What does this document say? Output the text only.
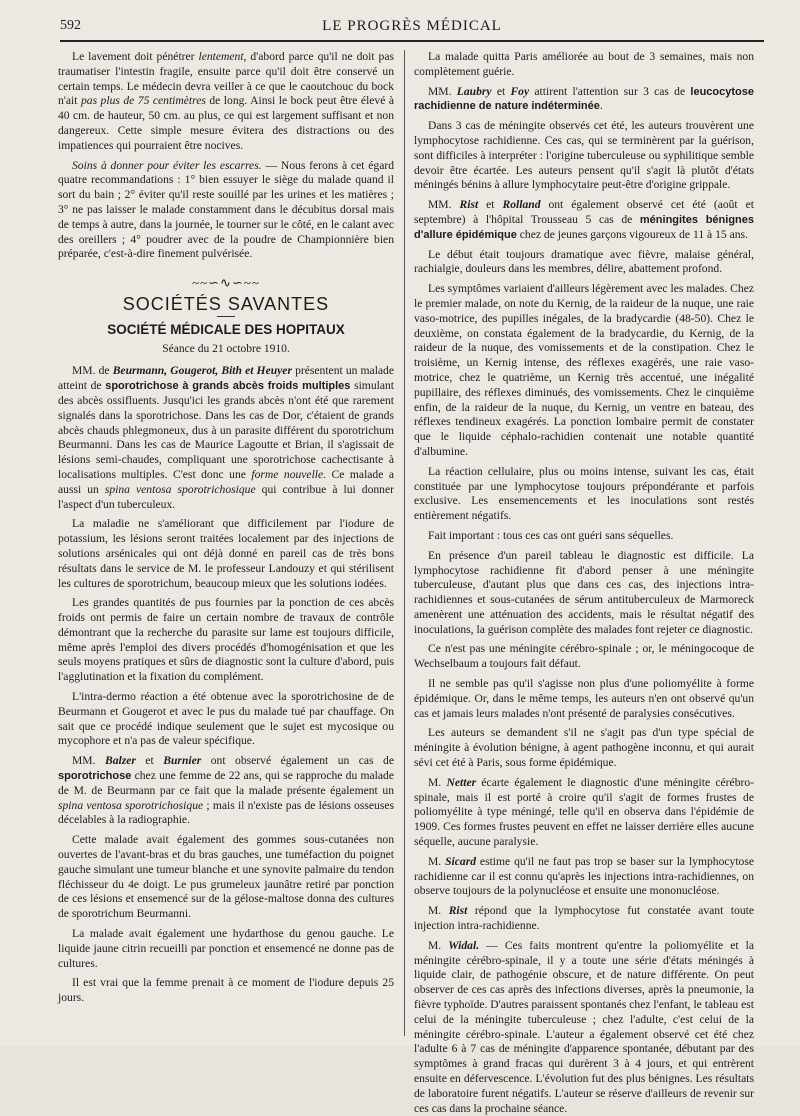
592	LE PROGRÈS MÉDICAL

Le lavement doit pénétrer lentement, d'abord parce qu'il ne doit pas traumatiser l'intestin fragile, ensuite parce qu'il doit être conservé un certain temps. Le médecin devra veiller à ce que le caoutchouc du bock n'ait pas plus de 75 centimètres de long. Ainsi le bock peut être élevé à 40 cm. de hauteur, 50 cm. au plus, ce qui est largement suffisant et non dangereux. Cette simple mesure évitera des distractions ou des impatiences qui pourraient être nocives.

Soins à donner pour éviter les escarres. — Nous ferons à cet égard quatre recommandations : 1° bien essuyer le siège du malade quand il sort du bain ; 2° éviter qu'il reste souillé par les urines et les matières ; 3° ne pas laisser le malade constamment dans le décubitus dorsal mais de temps à autre, dans la journée, le tourner sur le côté, en le calant avec des oreillers ; 4° poudrer avec de la poudre de Championnière bien préparée, c'est-à-dire finement pulvérisée.

~~∽∿∽~~
SOCIÉTÉS SAVANTES
SOCIÉTÉ MÉDICALE DES HOPITAUX
Séance du 21 octobre 1910.

MM. de Beurmann, Gougerot, Bith et Heuyer présentent un malade atteint de sporotrichose à grands abcès froids multiples simulant des abcès ossifluents. Jusqu'ici les grands abcès n'ont été que rarement signalés dans la sporotrichose. Dans les cas de Dor, c'étaient de grands abcès chauds phlegmoneux, dus à un parasite différent du sporotrichum Beurmanni. Dans les cas de Maurice Lagoutte et Brian, il s'agissait de lésions semi-chaudes, compliquant une sporotrichose cachectisante à localisations multiples. C'est donc une forme nouvelle. Ce malade a aussi un spina ventosa sporotrichosique qui contribue à lui donner l'aspect d'un tuberculeux.

La maladie ne s'améliorant que difficilement par l'iodure de potassium, les lésions seront traitées localement par des injections de solutions arsénicales qui ont déjà donné en pareil cas de très bons résultats dans le service de M. le professeur Landouzy et qui stérilisent les cultures de sporotrichum, beaucoup mieux que les solutions iodées.

Les grandes quantités de pus fournies par la ponction de ces abcès froids ont permis de faire un certain nombre de travaux de contrôle démontrant que la recherche du parasite sur lame est toujours difficile, même après l'emploi des divers procédés d'homogénisation et que les seuls moyens pratiques et sûrs de diagnostic sont la culture d'abord, puis l'agglutination et la fixation du complément.

L'intra-dermo réaction a été obtenue avec la sporotrichosine de de Beurmann et Gougerot et avec le pus du malade tué par chauffage. On sait que ce procédé indique seulement que le sujet est mycosique ou mycophore et n'a pas de valeur spécifique.

MM. Balzer et Burnier ont observé également un cas de sporotrichose chez une femme de 22 ans, qui se rapproche du malade de M. de Beurmann par ce fait que la malade présente également un spina ventosa sporotrichosique ; mais il n'existe pas de lésions osseuses décelables à la radiographie.

Cette malade avait également des gommes sous-cutanées non ouvertes de l'avant-bras et du bras gauches, une tuméfaction du poignet gauche simulant une tumeur blanche et une synovite palmaire du tendon fléchisseur du 4e doigt. Le pus grumeleux jaunâtre retiré par ponction de ces lésions et ensemencé sur de la gélose-maltose donna des cultures de sporotrichum Beurmanni.

La malade avait également une hydarthose du genou gauche. Le liquide jaune citrin recueilli par ponction et ensemencé ne donne pas de cultures.

Il est vrai que la femme prenait à ce moment de l'iodure depuis 25 jours.

La malade quitta Paris améliorée au bout de 3 semaines, mais non complètement guérie.

MM. Laubry et Foy attirent l'attention sur 3 cas de leucocytose rachidienne de nature indéterminée.

Dans 3 cas de méningite observés cet été, les auteurs trouvèrent une lymphocytose rachidienne. Ces cas, qui se terminèrent par la guérison, sont difficiles à interpréter : l'origine tuberculeuse ou syphilitique semble devoir être écartée. Les auteurs pensent qu'il s'agit là plutôt d'états méningés bénins à allure lymphocytaire peut-être d'origine grippale.

MM. Rist et Rolland ont également observé cet été (août et septembre) à l'hôpital Trousseau 5 cas de méningites bénignes d'allure épidémique chez de jeunes garçons vigoureux de 11 à 15 ans.

Le début était toujours dramatique avec fièvre, malaise général, rachialgie, douleurs dans les membres, délire, abattement profond.

Les symptômes variaient d'ailleurs légèrement avec les malades. Chez le premier malade, on note du Kernig, de la raideur de la nuque, une raie vaso-motrice, des pupilles inégales, de la bradycardie (48-50). Chez le deuxième, on constata également de la bradycardie, du Kernig, de la raideur de la nuque, des vomissements et de la constipation. Chez le troisième, un Kernig intense, des réflexes exagérés, une raie vaso-motrice, chez le quatrième, un Kernig très accentué, une inégalité pupillaire, des réflexes diminués, des vomissements. Chez le cinquième enfin, de la raideur de la nuque, du Kernig, un ventre en bateau, des réflexes tendineux exagérés. La ponction lombaire permit de constater que le liquide céphalo-rachidien contenait une notable quantité d'albumine.

La réaction cellulaire, plus ou moins intense, suivant les cas, était constituée par une lymphocytose toujours prépondérante et parfois exclusive. Les ensemencements et les inoculations sont restés entièrement négatifs.

Fait important : tous ces cas ont guéri sans séquelles.

En présence d'un pareil tableau le diagnostic est difficile. La lymphocytose rachidienne fit d'abord penser à une méningite tuberculeuse, d'autant plus que dans ces cas, des injections intra-rachidiennes et sous-cutanées de sérum antituberculeux de Marmoreck amenèrent une atténuation des accidents, mais le résultat négatif des inoculations, la guérison complète des malades font rejeter ce diagnostic.

Ce n'est pas une méningite cérébro-spinale ; or, le méningocoque de Wechselbaum a toujours fait défaut.

Il ne semble pas qu'il s'agisse non plus d'une poliomyélite à forme épidémique. Or, dans le même temps, les auteurs n'en ont observé qu'un cas et jamais leurs malades n'ont présenté de paralysies consécutives.

Les auteurs se demandent s'il ne s'agit pas d'un type spécial de méningite à évolution bénigne, à agent pathogène inconnu, et qui aurait sévi cet été à Paris, sous forme épidémique.

M. Netter écarte également le diagnostic d'une méningite cérébro-spinale, mais il est porté à croire qu'il s'agit de formes frustes de poliomyélite à type méningé, telle qu'il en observa dans l'épidémie de 1909. Ces formes frustes peuvent en effet ne laisser derrière elles aucune séquelle, aucune paralysie.

M. Sicard estime qu'il ne faut pas trop se baser sur la lymphocytose rachidienne car il est connu qu'après les injections intra-rachidiennes, on observe toujours de la polynucléose et ensuite une mononucléose.

M. Rist répond que la lymphocytose fut constatée avant toute injection intra-rachidienne.

M. Widal. — Ces faits montrent qu'entre la poliomyélite et la méningite cérébro-spinale, il y a toute une série d'états méningés à liquide clair, de pathogénie obscure, et de nature différente. On peut observer de ces cas après des infections diverses, après la pneumonie, la fièvre typhoïde. D'autres paraissent spontanés chez l'enfant, le tableau est celui de la méningite tuberculeuse ; chez l'adulte, c'est celui de la méningite cérébro-spinale. L'auteur a également observé cet été chez l'adulte 6 à 7 cas de méningite d'apparence spontanée, débutant par des symptômes à grand fracas qui durèrent 3 à 4 jours, et qui entrèrent ensuite en défervescence. L'évolution fut des plus bénignes. Les résultats de laboratoire furent négatifs. L'auteur se réserve d'ailleurs de revenir sur ces cas dans la prochaine séance.
